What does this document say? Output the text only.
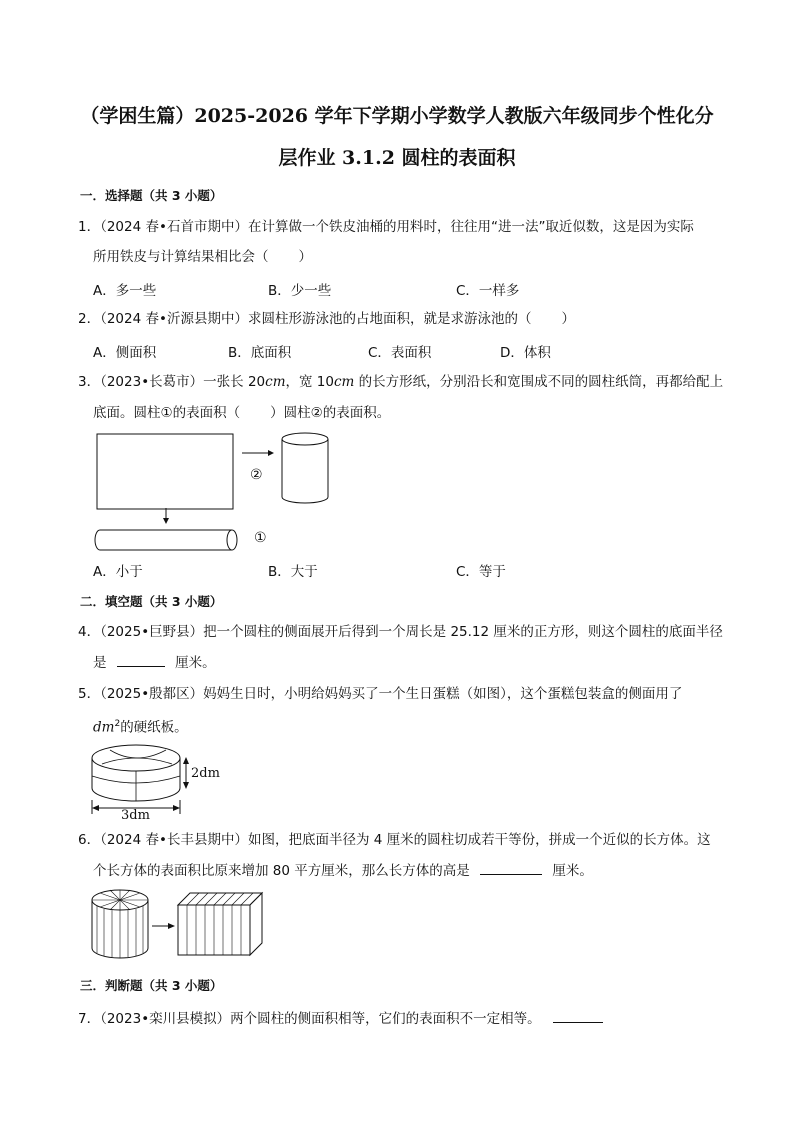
（学困生篇）2025-2026 学年下学期小学数学人教版六年级同步个性化分
层作业 3.1.2 圆柱的表面积
一．选择题（共 3 小题）
1．（2024 春•石首市期中）在计算做一个铁皮油桶的用料时，往往用“进一法”取近似数，这是因为实际
所用铁皮与计算结果相比会（ ）
A．多一些	B．少一些	C．一样多
2．（2024 春•沂源县期中）求圆柱形游泳池的占地面积，就是求游泳池的（ ）
A．侧面积	B．底面积	C．表面积	D．体积
3．（2023•长葛市）一张长 20cm，宽 10cm 的长方形纸，分别沿长和宽围成不同的圆柱纸筒，再都给配上
底面。圆柱①的表面积（ ）圆柱②的表面积。
②
①
A．小于	B．大于	C．等于
二．填空题（共 3 小题）
4．（2025•巨野县）把一个圆柱的侧面展开后得到一个周长是 25.12 厘米的正方形，则这个圆柱的底面半径
是	厘米。
5．（2025•殷都区）妈妈生日时，小明给妈妈买了一个生日蛋糕（如图），这个蛋糕包装盒的侧面用了
$dm^2$的硬纸板。
2dm
3dm
6．（2024 春•长丰县期中）如图，把底面半径为 4 厘米的圆柱切成若干等份，拼成一个近似的长方体。这
个长方体的表面积比原来增加 80 平方厘米，那么长方体的高是	厘米。
三．判断题（共 3 小题）
7．（2023•栾川县模拟）两个圆柱的侧面积相等，它们的表面积不一定相等。
